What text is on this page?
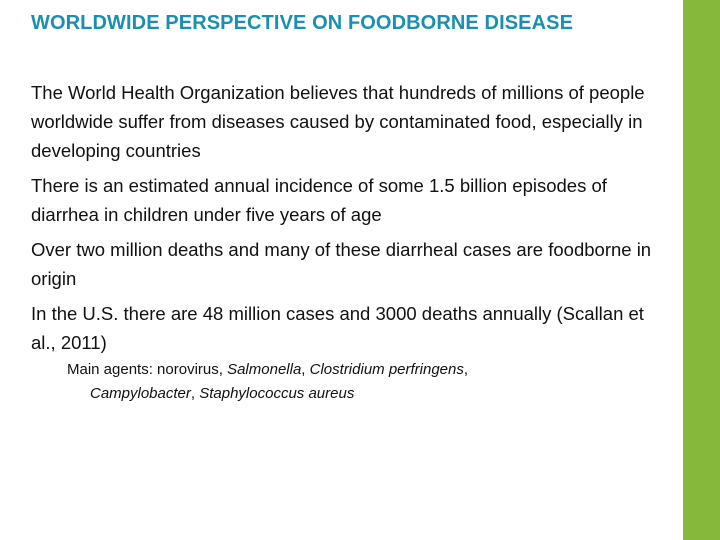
WORLDWIDE PERSPECTIVE ON FOODBORNE DISEASE
The World Health Organization believes that hundreds of millions of people worldwide suffer from diseases caused by contaminated food, especially in developing countries
There is an estimated annual incidence of some 1.5 billion episodes of diarrhea in children under five years of age
Over two million deaths and many of these diarrheal cases are foodborne in origin
In the U.S. there are 48 million cases and 3000 deaths annually (Scallan et al., 2011)

Main agents: norovirus, Salmonella, Clostridium perfringens,
Campylobacter, Staphylococcus aureus
